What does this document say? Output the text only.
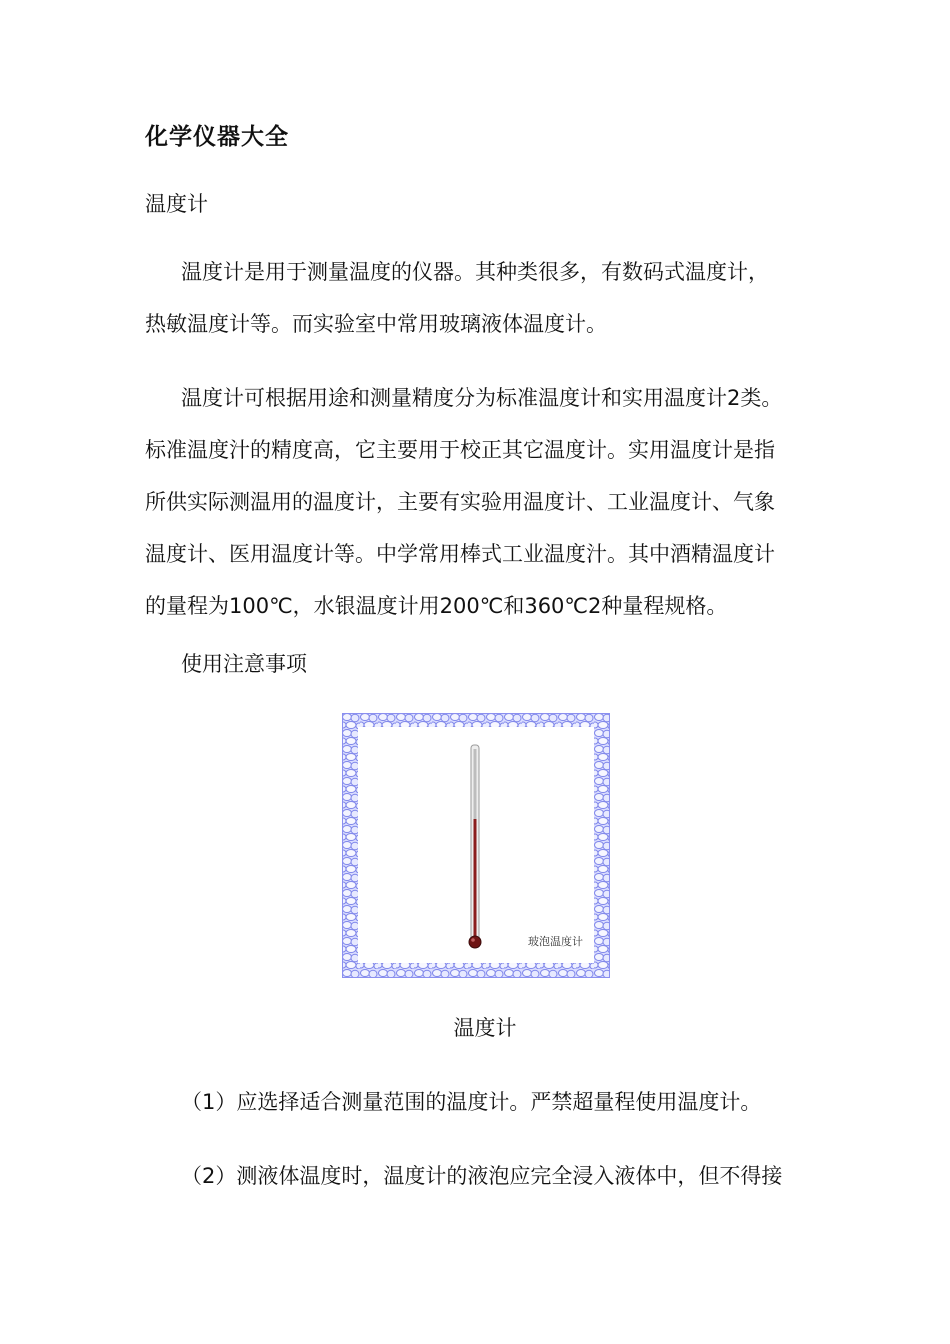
化学仪器大全
温度计
温度计是用于测量温度的仪器。其种类很多，有数码式温度计，
热敏温度计等。而实验室中常用玻璃液体温度计。
温度计可根据用途和测量精度分为标准温度计和实用温度计2类。
标准温度汁的精度高，它主要用于校正其它温度计。实用温度计是指
所供实际测温用的温度计，主要有实验用温度计、工业温度计、气象
温度计、医用温度计等。中学常用棒式工业温度汁。其中酒精温度计
的量程为100℃，水银温度计用200℃和360℃2种量程规格。
使用注意事项
玻泡温度计
温度计
（1）应选择适合测量范围的温度计。严禁超量程使用温度计。
（2）测液体温度时，温度计的液泡应完全浸入液体中，但不得接
